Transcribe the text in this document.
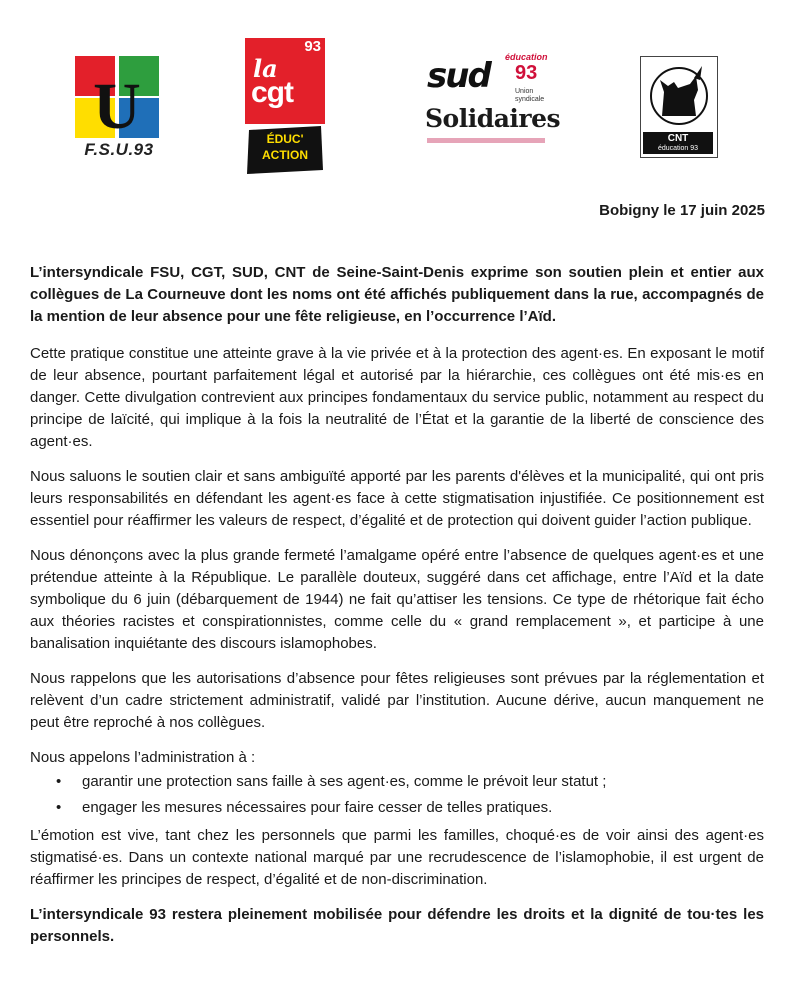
U
F.S.U.93
93
la
cgt
ÉDUC'
ACTION
éducation
sud 93
Union
syndicale
Solidaires
CNT
éducation 93
Bobigny le 17 juin 2025

L’intersyndicale FSU, CGT, SUD, CNT de Seine-Saint-Denis exprime son soutien plein et entier aux collègues de La Courneuve dont les noms ont été affichés publiquement dans la rue, accompagnés de la mention de leur absence pour une fête religieuse, en l’occurrence l’Aïd.

Cette pratique constitue une atteinte grave à la vie privée et à la protection des agent·es. En exposant le motif de leur absence, pourtant parfaitement légal et autorisé par la hiérarchie, ces collègues ont été mis·es en danger. Cette divulgation contrevient aux principes fondamentaux du service public, notamment au respect du principe de laïcité, qui implique à la fois la neutralité de l’État et la garantie de la liberté de conscience des agent·es.

Nous saluons le soutien clair et sans ambiguïté apporté par les parents d'élèves et la municipalité, qui ont pris leurs responsabilités en défendant les agent·es face à cette stigmatisation injustifiée. Ce positionnement est essentiel pour réaffirmer les valeurs de respect, d’égalité et de protection qui doivent guider l’action publique.

Nous dénonçons avec la plus grande fermeté l’amalgame opéré entre l’absence de quelques agent·es et une prétendue atteinte à la République. Le parallèle douteux, suggéré dans cet affichage, entre l’Aïd et la date symbolique du 6 juin (débarquement de 1944) ne fait qu’attiser les tensions. Ce type de rhétorique fait écho aux théories racistes et conspirationnistes, comme celle du « grand remplacement », et participe à une banalisation inquiétante des discours islamophobes.

Nous rappelons que les autorisations d’absence pour fêtes religieuses sont prévues par la réglementation et relèvent d’un cadre strictement administratif, validé par l’institution. Aucune dérive, aucun manquement ne peut être reproché à nos collègues.

Nous appelons l’administration à :

• garantir une protection sans faille à ses agent·es, comme le prévoit leur statut ;
• engager les mesures nécessaires pour faire cesser de telles pratiques.

L’émotion est vive, tant chez les personnels que parmi les familles, choqué·es de voir ainsi des agent·es stigmatisé·es. Dans un contexte national marqué par une recrudescence de l’islamophobie, il est urgent de réaffirmer les principes de respect, d’égalité et de non-discrimination.

L’intersyndicale 93 restera pleinement mobilisée pour défendre les droits et la dignité de tou·tes les personnels.
